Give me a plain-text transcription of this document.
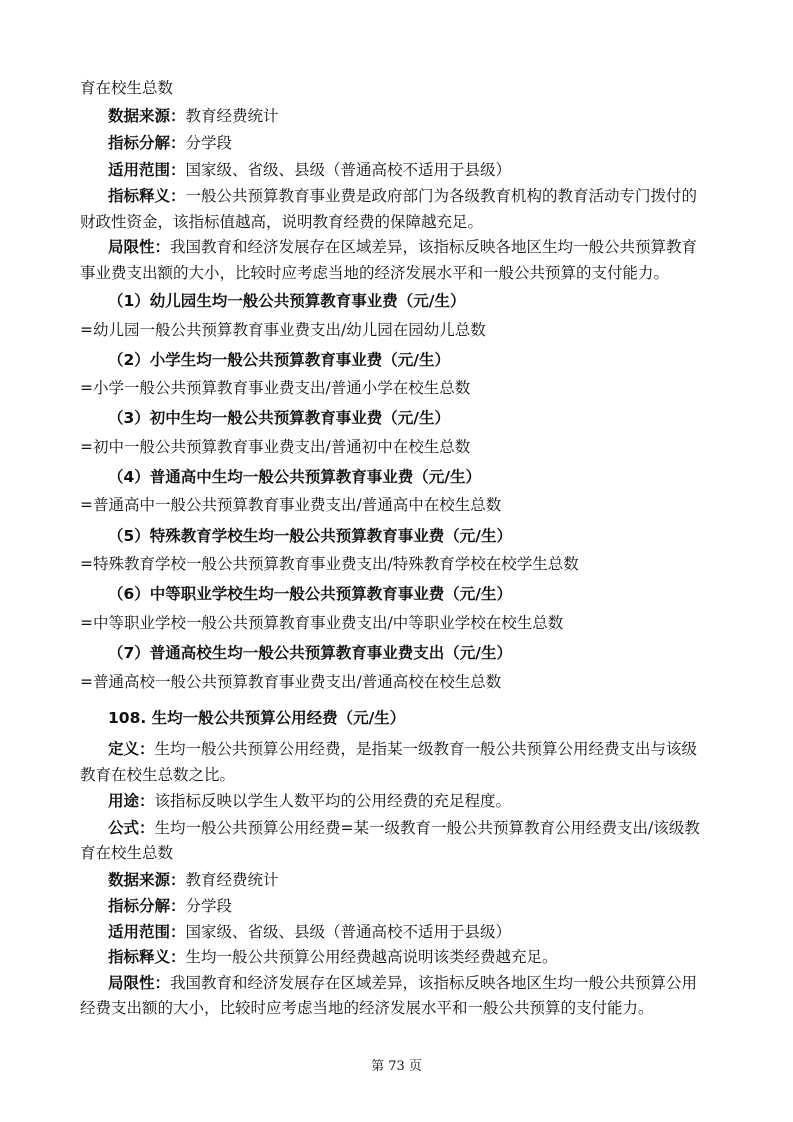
育在校生总数
数据来源：教育经费统计
指标分解：分学段
适用范围：国家级、省级、县级（普通高校不适用于县级）
指标释义：一般公共预算教育事业费是政府部门为各级教育机构的教育活动专门拨付的
财政性资金，该指标值越高，说明教育经费的保障越充足。
局限性：我国教育和经济发展存在区域差异，该指标反映各地区生均一般公共预算教育
事业费支出额的大小，比较时应考虑当地的经济发展水平和一般公共预算的支付能力。
（1）幼儿园生均一般公共预算教育事业费（元/生）
=幼儿园一般公共预算教育事业费支出/幼儿园在园幼儿总数
（2）小学生均一般公共预算教育事业费（元/生）
=小学一般公共预算教育事业费支出/普通小学在校生总数
（3）初中生均一般公共预算教育事业费（元/生）
=初中一般公共预算教育事业费支出/普通初中在校生总数
（4）普通高中生均一般公共预算教育事业费（元/生）
=普通高中一般公共预算教育事业费支出/普通高中在校生总数
（5）特殊教育学校生均一般公共预算教育事业费（元/生）
=特殊教育学校一般公共预算教育事业费支出/特殊教育学校在校学生总数
（6）中等职业学校生均一般公共预算教育事业费（元/生）
=中等职业学校一般公共预算教育事业费支出/中等职业学校在校生总数
（7）普通高校生均一般公共预算教育事业费支出（元/生）
=普通高校一般公共预算教育事业费支出/普通高校在校生总数
108. 生均一般公共预算公用经费（元/生）
定义：生均一般公共预算公用经费，是指某一级教育一般公共预算公用经费支出与该级
教育在校生总数之比。
用途：该指标反映以学生人数平均的公用经费的充足程度。
公式：生均一般公共预算公用经费=某一级教育一般公共预算教育公用经费支出/该级教
育在校生总数
数据来源：教育经费统计
指标分解：分学段
适用范围：国家级、省级、县级（普通高校不适用于县级）
指标释义：生均一般公共预算公用经费越高说明该类经费越充足。
局限性：我国教育和经济发展存在区域差异，该指标反映各地区生均一般公共预算公用
经费支出额的大小，比较时应考虑当地的经济发展水平和一般公共预算的支付能力。
第 73 页
